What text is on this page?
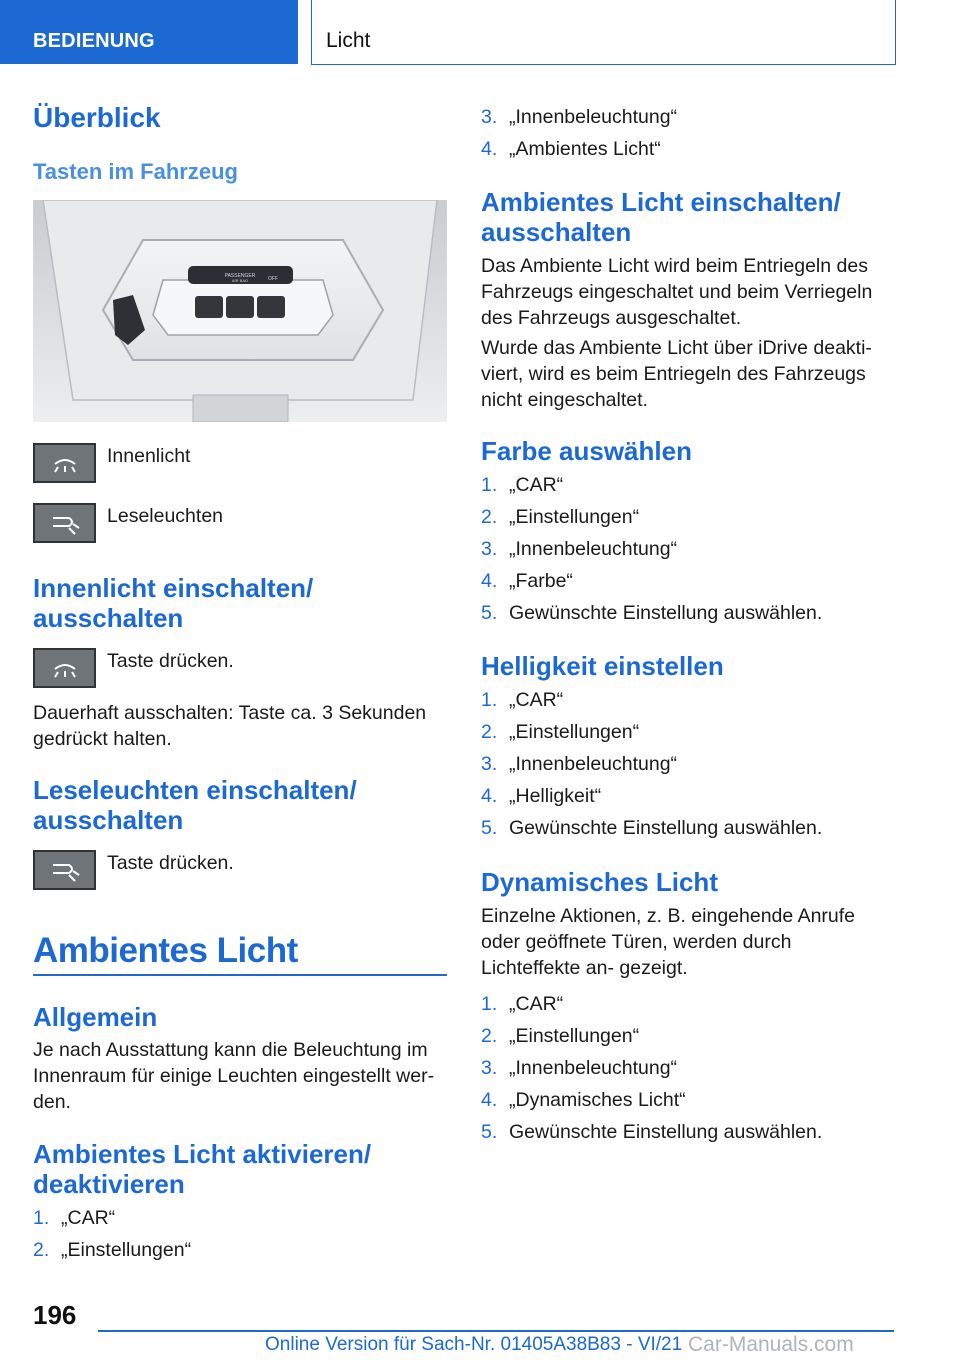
BEDIENUNG	Licht
Überblick
Tasten im Fahrzeug
PASSENGER
AIR BAG	OFF
Innenlicht
Leseleuchten
Innenlicht einschalten/ ausschalten
Taste drücken.

Dauerhaft ausschalten: Taste ca. 3 Sekunden gedrückt halten.

Leseleuchten einschalten/ ausschalten
Taste drücken.
Ambientes Licht
Allgemein

Je nach Ausstattung kann die Beleuchtung im Innenraum für einige Leuchten eingestellt wer‐ den.

Ambientes Licht aktivieren/ deaktivieren
1. „CAR“
2. „Einstellungen“
3. „Innenbeleuchtung“
4. „Ambientes Licht“
Ambientes Licht einschalten/ ausschalten

Das Ambiente Licht wird beim Entriegeln des Fahrzeugs eingeschaltet und beim Verriegeln des Fahrzeugs ausgeschaltet.

Wurde das Ambiente Licht über iDrive deakti‐ viert, wird es beim Entriegeln des Fahrzeugs nicht eingeschaltet.

Farbe auswählen
1. „CAR“
2. „Einstellungen“
3. „Innenbeleuchtung“
4. „Farbe“
5. Gewünschte Einstellung auswählen.
Helligkeit einstellen
1. „CAR“
2. „Einstellungen“
3. „Innenbeleuchtung“
4. „Helligkeit“
5. Gewünschte Einstellung auswählen.
Dynamisches Licht

Einzelne Aktionen, z. B. eingehende Anrufe oder geöffnete Türen, werden durch Lichteffekte an‐ gezeigt.

1. „CAR“
2. „Einstellungen“
3. „Innenbeleuchtung“
4. „Dynamisches Licht“
5. Gewünschte Einstellung auswählen.
196
Online Version für Sach-Nr. 01405A38B83 - VI/21 Car-Manuals.com
